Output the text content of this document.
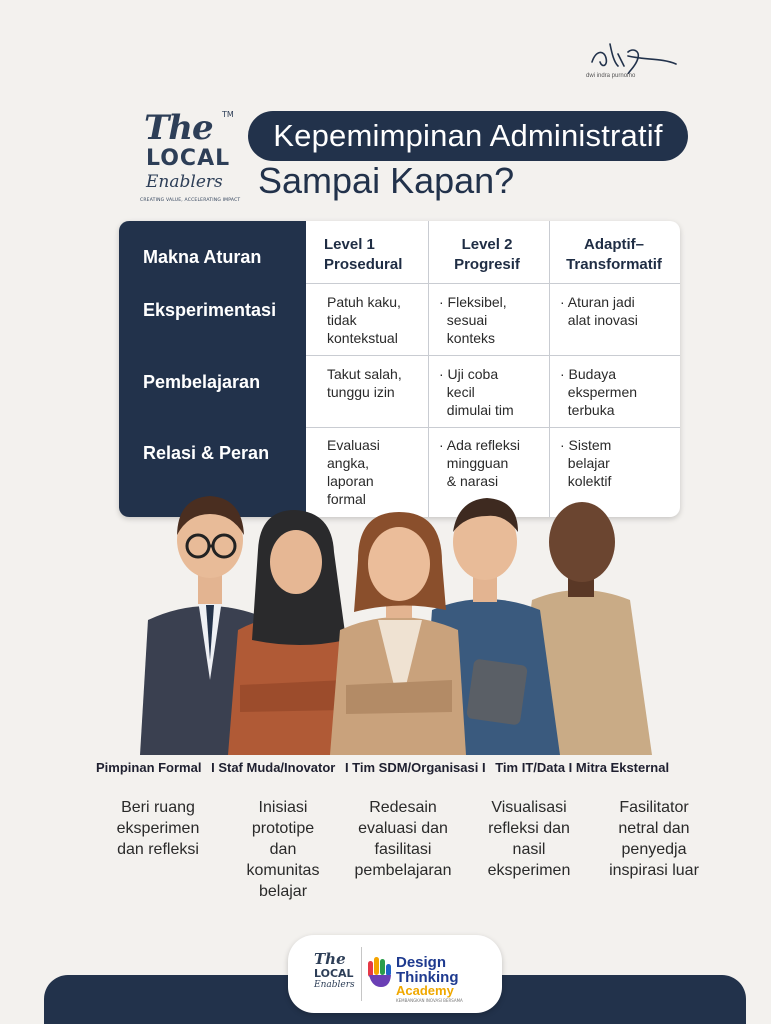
dwi indra purnomo
The TM
LOCAL
Enablers
CREATING VALUE, ACCELERATING IMPACT
Kepemimpinan Administratif
Sampai Kapan?
Makna Aturan
Eksperimentasi
Pembelajaran
Relasi & Peran
Level 1
Prosedural
Level 2
Progresif
Adaptif–
Transformatif
Patuh kaku,
tidak
kontekstual
· Fleksibel,
sesuai
konteks
· Aturan jadi
alat inovasi
Takut salah,
tunggu izin
· Uji coba
kecil
dimulai tim
· Budaya
ekspermen
terbuka
Evaluasi
angka,
laporan
formal
· Ada refleksi
mingguan
& narasi
· Sistem
belajar
kolektif
Pimpinan Formal I Staf Muda/Inovator I Tim SDM/Organisasi I Tim IT/Data I Mitra Eksternal
Beri ruang
eksperimen
dan refleksi
Inisiasi
prototipe
dan
komunitas
belajar
Redesain
evaluasi dan
fasilitasi
pembelajaran
Visualisasi
refleksi dan
nasil
eksperimen
Fasilitator
netral dan
penyedja
inspirasi luar
The
LOCAL
Enablers
Design
Thinking
Academy
KEMBANGKAN INOVASI BERSAMA
